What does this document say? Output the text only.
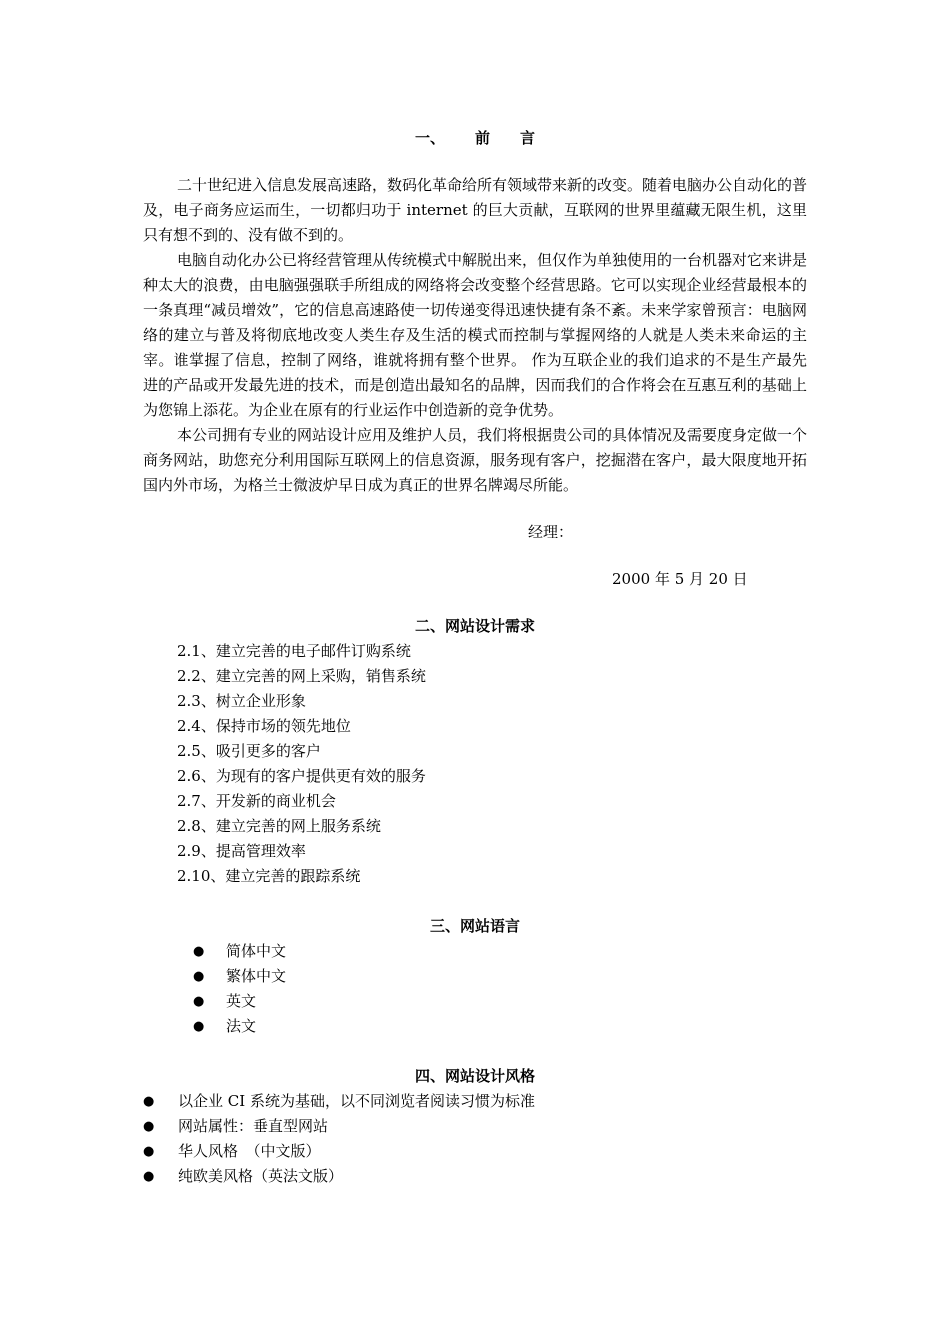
一、 前 言

二十世纪进入信息发展高速路，数码化革命给所有领域带来新的改变。随着电脑办公自动化的普及，电子商务应运而生，一切都归功于 internet 的巨大贡献，互联网的世界里蕴藏无限生机，这里只有想不到的、没有做不到的。

电脑自动化办公已将经营管理从传统模式中解脱出来，但仅作为单独使用的一台机器对它来讲是种太大的浪费，由电脑强强联手所组成的网络将会改变整个经营思路。它可以实现企业经营最根本的一条真理“减员增效”，它的信息高速路使一切传递变得迅速快捷有条不紊。未来学家曾预言：电脑网络的建立与普及将彻底地改变人类生存及生活的模式而控制与掌握网络的人就是人类未来命运的主宰。谁掌握了信息，控制了网络，谁就将拥有整个世界。 作为互联企业的我们追求的不是生产最先进的产品或开发最先进的技术，而是创造出最知名的品牌，因而我们的合作将会在互惠互利的基础上为您锦上添花。为企业在原有的行业运作中创造新的竞争优势。

本公司拥有专业的网站设计应用及维护人员，我们将根据贵公司的具体情况及需要度身定做一个商务网站，助您充分利用国际互联网上的信息资源，服务现有客户，挖掘潜在客户，最大限度地开拓国内外市场，为格兰士微波炉早日成为真正的世界名牌竭尽所能。

经理：

2000 年 5 月 20 日

二、网站设计需求

2.1、建立完善的电子邮件订购系统
2.2、建立完善的网上采购，销售系统
2.3、树立企业形象
2.4、保持市场的领先地位
2.5、吸引更多的客户
2.6、为现有的客户提供更有效的服务
2.7、开发新的商业机会
2.8、建立完善的网上服务系统
2.9、提高管理效率
2.10、建立完善的跟踪系统

三、网站语言

● 简体中文
● 繁体中文
● 英文
● 法文

四、网站设计风格

● 以企业 CI 系统为基础，以不同浏览者阅读习惯为标准
● 网站属性：垂直型网站
● 华人风格　（中文版）
● 纯欧美风格（英法文版）
